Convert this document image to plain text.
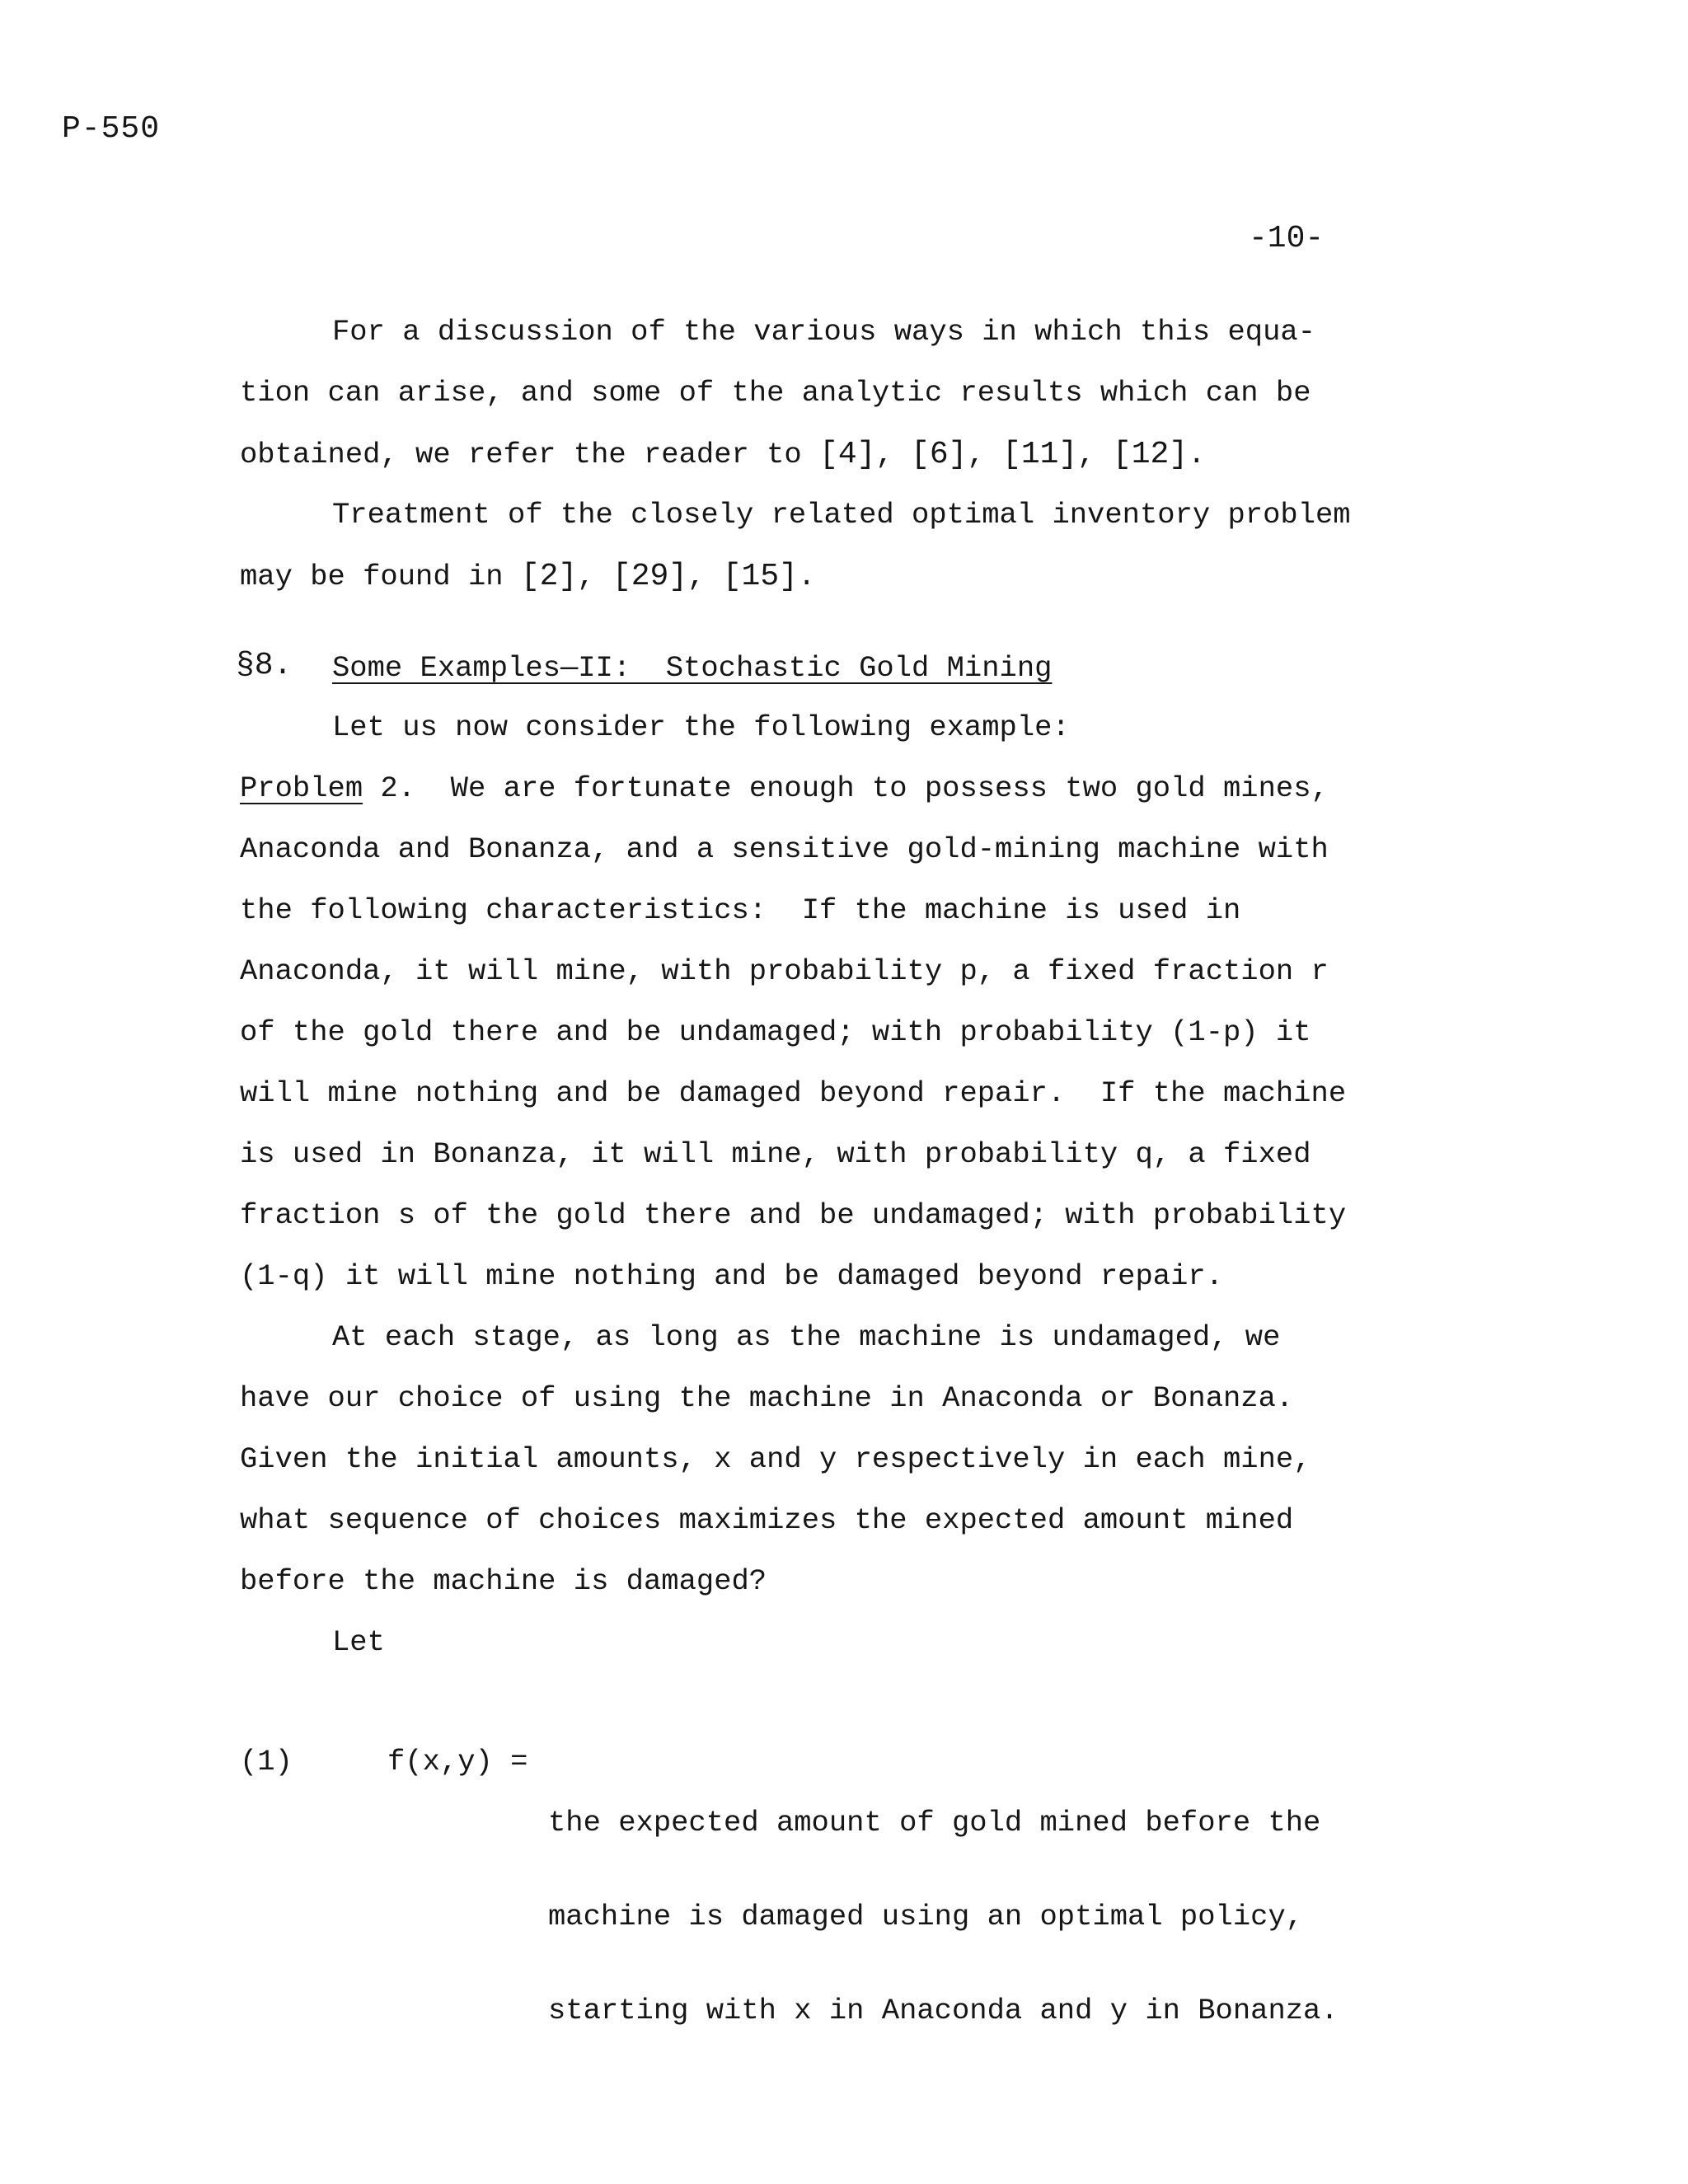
P-550
-10-
For a discussion of the various ways in which this equa-
tion can arise, and some of the analytic results which can be
obtained, we refer the reader to [4], [6], [11], [12].
Treatment of the closely related optimal inventory problem
may be found in [2], [29], [15].
§8. Some Examples—II:  Stochastic Gold Mining
Let us now consider the following example:
Problem 2.  We are fortunate enough to possess two gold mines,
Anaconda and Bonanza, and a sensitive gold-mining machine with
the following characteristics:  If the machine is used in
Anaconda, it will mine, with probability p, a fixed fraction r
of the gold there and be undamaged; with probability (1-p) it
will mine nothing and be damaged beyond repair.  If the machine
is used in Bonanza, it will mine, with probability q, a fixed
fraction s of the gold there and be undamaged; with probability
(1-q) it will mine nothing and be damaged beyond repair.
At each stage, as long as the machine is undamaged, we
have our choice of using the machine in Anaconda or Bonanza.
Given the initial amounts, x and y respectively in each mine,
what sequence of choices maximizes the expected amount mined
before the machine is damaged?
Let
(1)	f(x,y) =

the expected amount of gold mined before the

machine is damaged using an optimal policy,

starting with x in Anaconda and y in Bonanza.
